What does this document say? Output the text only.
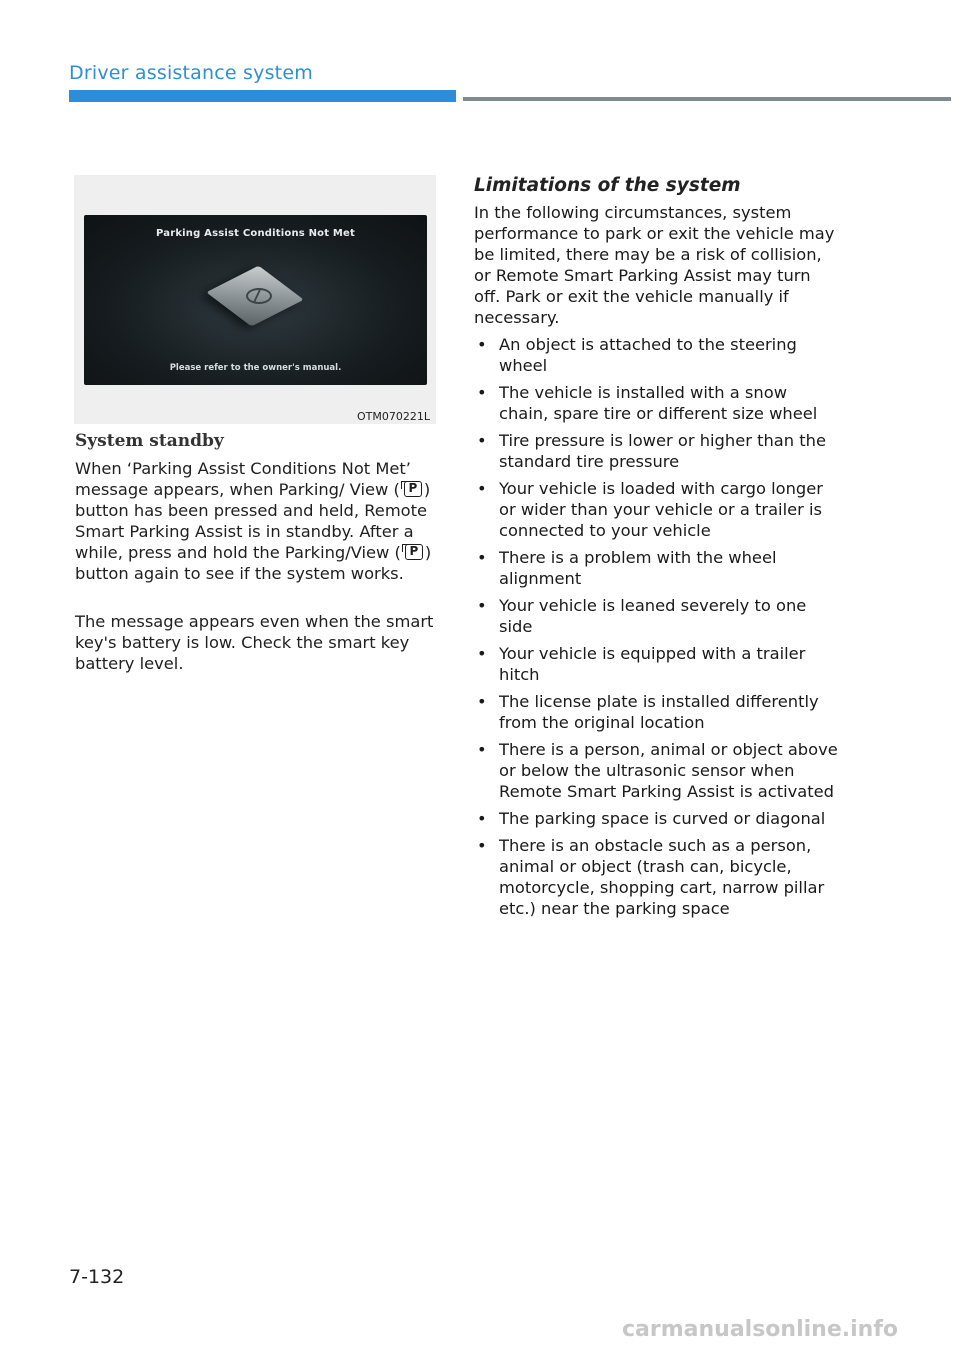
Driver assistance system
Parking Assist Conditions Not Met
Please refer to the owner's manual.
OTM070221L
System standby
When ‘Parking Assist Conditions Not Met’ message appears, when Parking/ View ( P ) button has been pressed and held, Remote Smart Parking Assist is in standby. After a while, press and hold the Parking/View ( P ) button again to see if the system works.
The message appears even when the smart key's battery is low. Check the smart key battery level.
Limitations of the system
In the following circumstances, system performance to park or exit the vehicle may be limited, there may be a risk of collision, or Remote Smart Parking Assist may turn off. Park or exit the vehicle manually if necessary.
• An object is attached to the steering wheel
• The vehicle is installed with a snow chain, spare tire or different size wheel
• Tire pressure is lower or higher than the standard tire pressure
• Your vehicle is loaded with cargo longer or wider than your vehicle or a trailer is connected to your vehicle
• There is a problem with the wheel alignment
• Your vehicle is leaned severely to one side
• Your vehicle is equipped with a trailer hitch
• The license plate is installed differently from the original location
• There is a person, animal or object above or below the ultrasonic sensor when Remote Smart Parking Assist is activated
• The parking space is curved or diagonal
• There is an obstacle such as a person, animal or object (trash can, bicycle, motorcycle, shopping cart, narrow pillar etc.) near the parking space
7-132
carmanualsonline.info
